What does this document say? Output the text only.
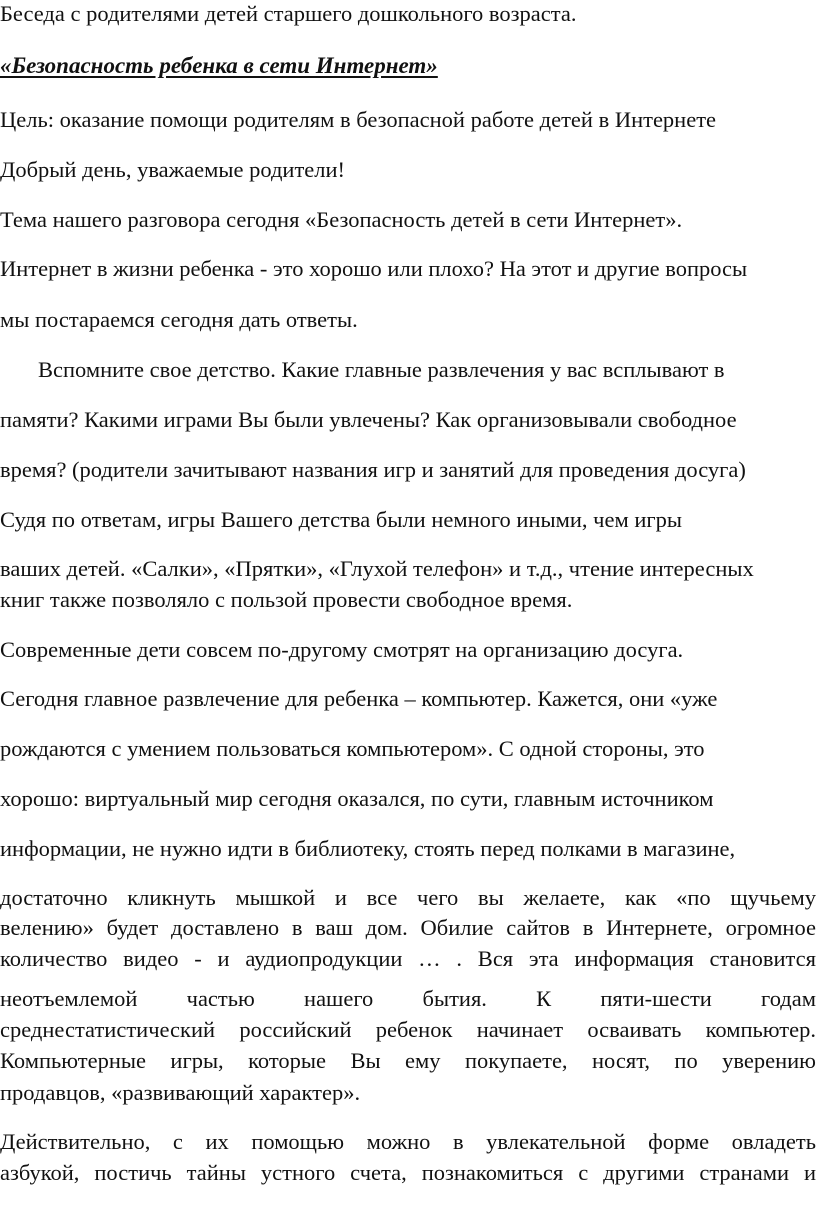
Беседа с родителями детей старшего дошкольного возраста.
«Безопасность ребенка в сети Интернет»
Цель: оказание помощи родителям в безопасной работе детей в Интернете
Добрый день, уважаемые родители!
Тема нашего разговора сегодня «Безопасность детей в сети Интернет».
Интернет в жизни ребенка - это хорошо или плохо? На этот и другие вопросы
мы постараемся сегодня дать ответы.
Вспомните свое детство. Какие главные развлечения у вас всплывают в
памяти? Какими играми Вы были увлечены? Как организовывали свободное
время? (родители зачитывают названия игр и занятий для проведения досуга)
Судя по ответам, игры Вашего детства были немного иными, чем игры
ваших детей. «Салки», «Прятки», «Глухой телефон» и т.д., чтение интересных
книг также позволяло с пользой провести свободное время.
Современные дети совсем по-другому смотрят на организацию досуга.
Сегодня главное развлечение для ребенка – компьютер. Кажется, они «уже
рождаются с умением пользоваться компьютером». С одной стороны, это
хорошо: виртуальный мир сегодня оказался, по сути, главным источником
информации, не нужно идти в библиотеку, стоять перед полками в магазине,
достаточно кликнуть мышкой и все чего вы желаете, как «по щучьему
велению» будет доставлено в ваш дом. Обилие сайтов в Интернете, огромное
количество видео - и аудиопродукции … . Вся эта информация становится
неотъемлемой частью нашего бытия. К пяти-шести годам
среднестатистический российский ребенок начинает осваивать компьютер.
Компьютерные игры, которые Вы ему покупаете, носят, по уверению
продавцов, «развивающий характер».
Действительно, с их помощью можно в увлекательной форме овладеть
азбукой, постичь тайны устного счета, познакомиться с другими странами и
